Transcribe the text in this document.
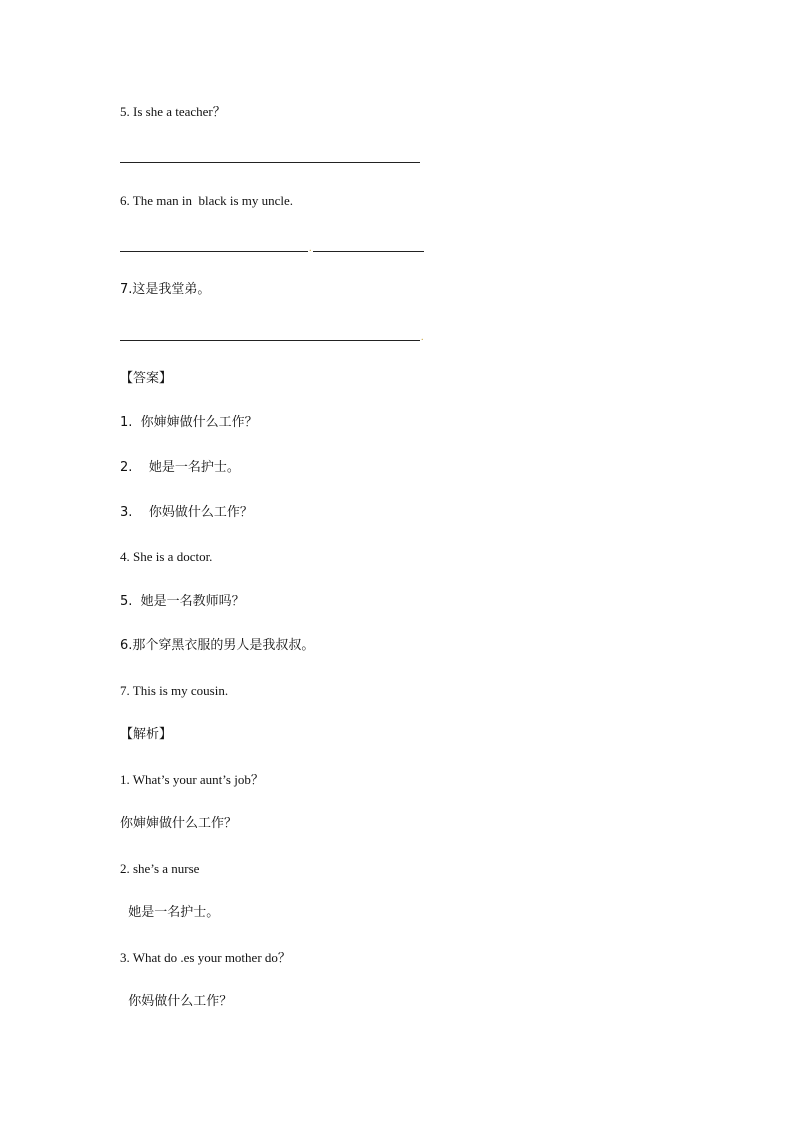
5. Is she a teacher？
6. The man in  black is my uncle.
.
7.这是我堂弟。
.
【答案】
1.  你婶婶做什么工作？
2.    她是一名护士。
3.    你妈做什么工作？
4. She is a doctor.
5.  她是一名教师吗？
6.那个穿黑衣服的男人是我叔叔。
7. This is my cousin.
【解析】
1. What’s your aunt’s job？
你婶婶做什么工作？
2. she’s a nurse
她是一名护士。
3. What do .es your mother do？
你妈做什么工作？
